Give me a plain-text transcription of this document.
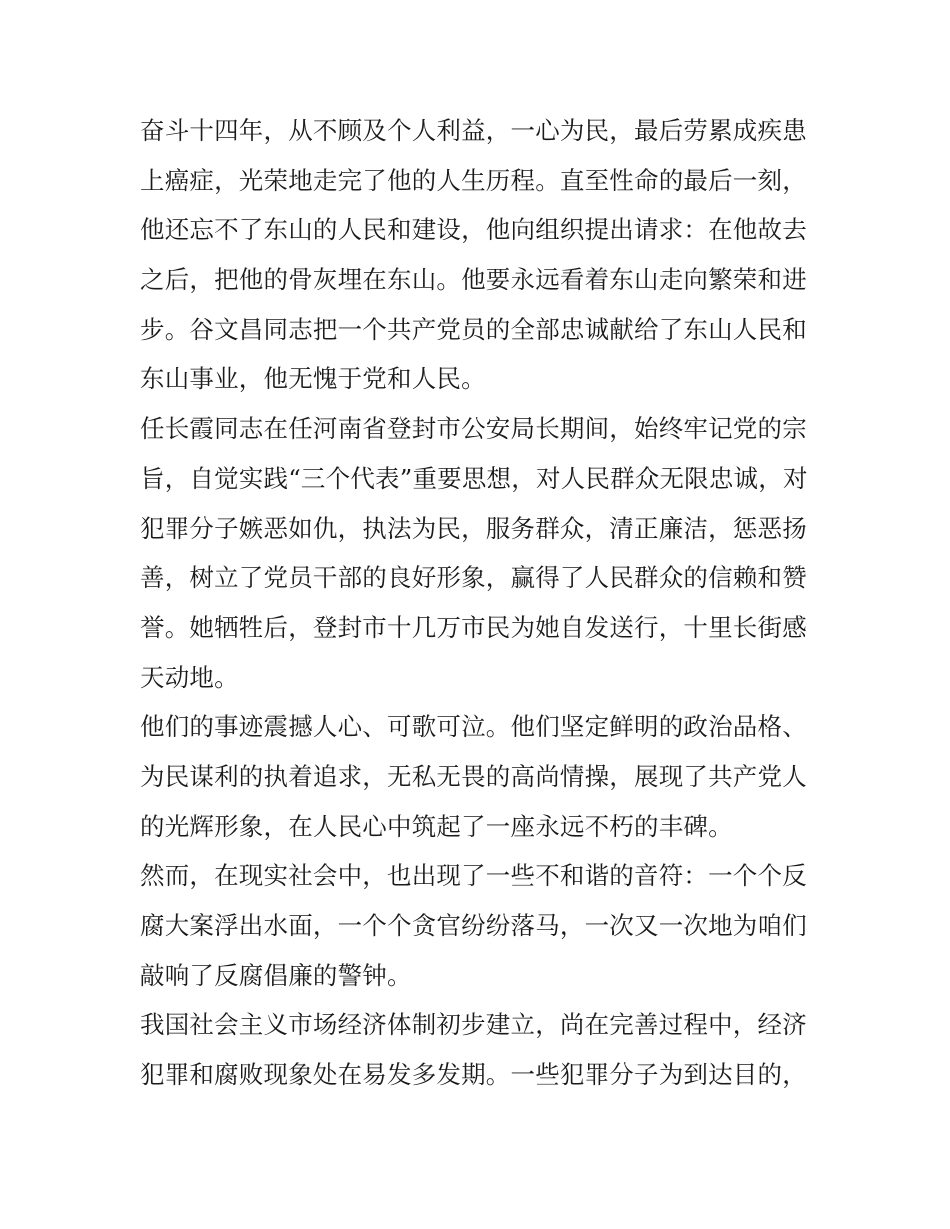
奋斗十四年，从不顾及个人利益，一心为民，最后劳累成疾患
上癌症，光荣地走完了他的人生历程。直至性命的最后一刻，
他还忘不了东山的人民和建设，他向组织提出请求：在他故去
之后，把他的骨灰埋在东山。他要永远看着东山走向繁荣和进
步。谷文昌同志把一个共产党员的全部忠诚献给了东山人民和
东山事业，他无愧于党和人民。
任长霞同志在任河南省登封市公安局长期间，始终牢记党的宗
旨，自觉实践“三个代表”重要思想，对人民群众无限忠诚，对
犯罪分子嫉恶如仇，执法为民，服务群众，清正廉洁，惩恶扬
善，树立了党员干部的良好形象，赢得了人民群众的信赖和赞
誉。她牺牲后，登封市十几万市民为她自发送行，十里长街感
天动地。
他们的事迹震撼人心、可歌可泣。他们坚定鲜明的政治品格、
为民谋利的执着追求，无私无畏的高尚情操，展现了共产党人
的光辉形象，在人民心中筑起了一座永远不朽的丰碑。
然而，在现实社会中，也出现了一些不和谐的音符：一个个反
腐大案浮出水面，一个个贪官纷纷落马，一次又一次地为咱们
敲响了反腐倡廉的警钟。
我国社会主义市场经济体制初步建立，尚在完善过程中，经济
犯罪和腐败现象处在易发多发期。一些犯罪分子为到达目的，
